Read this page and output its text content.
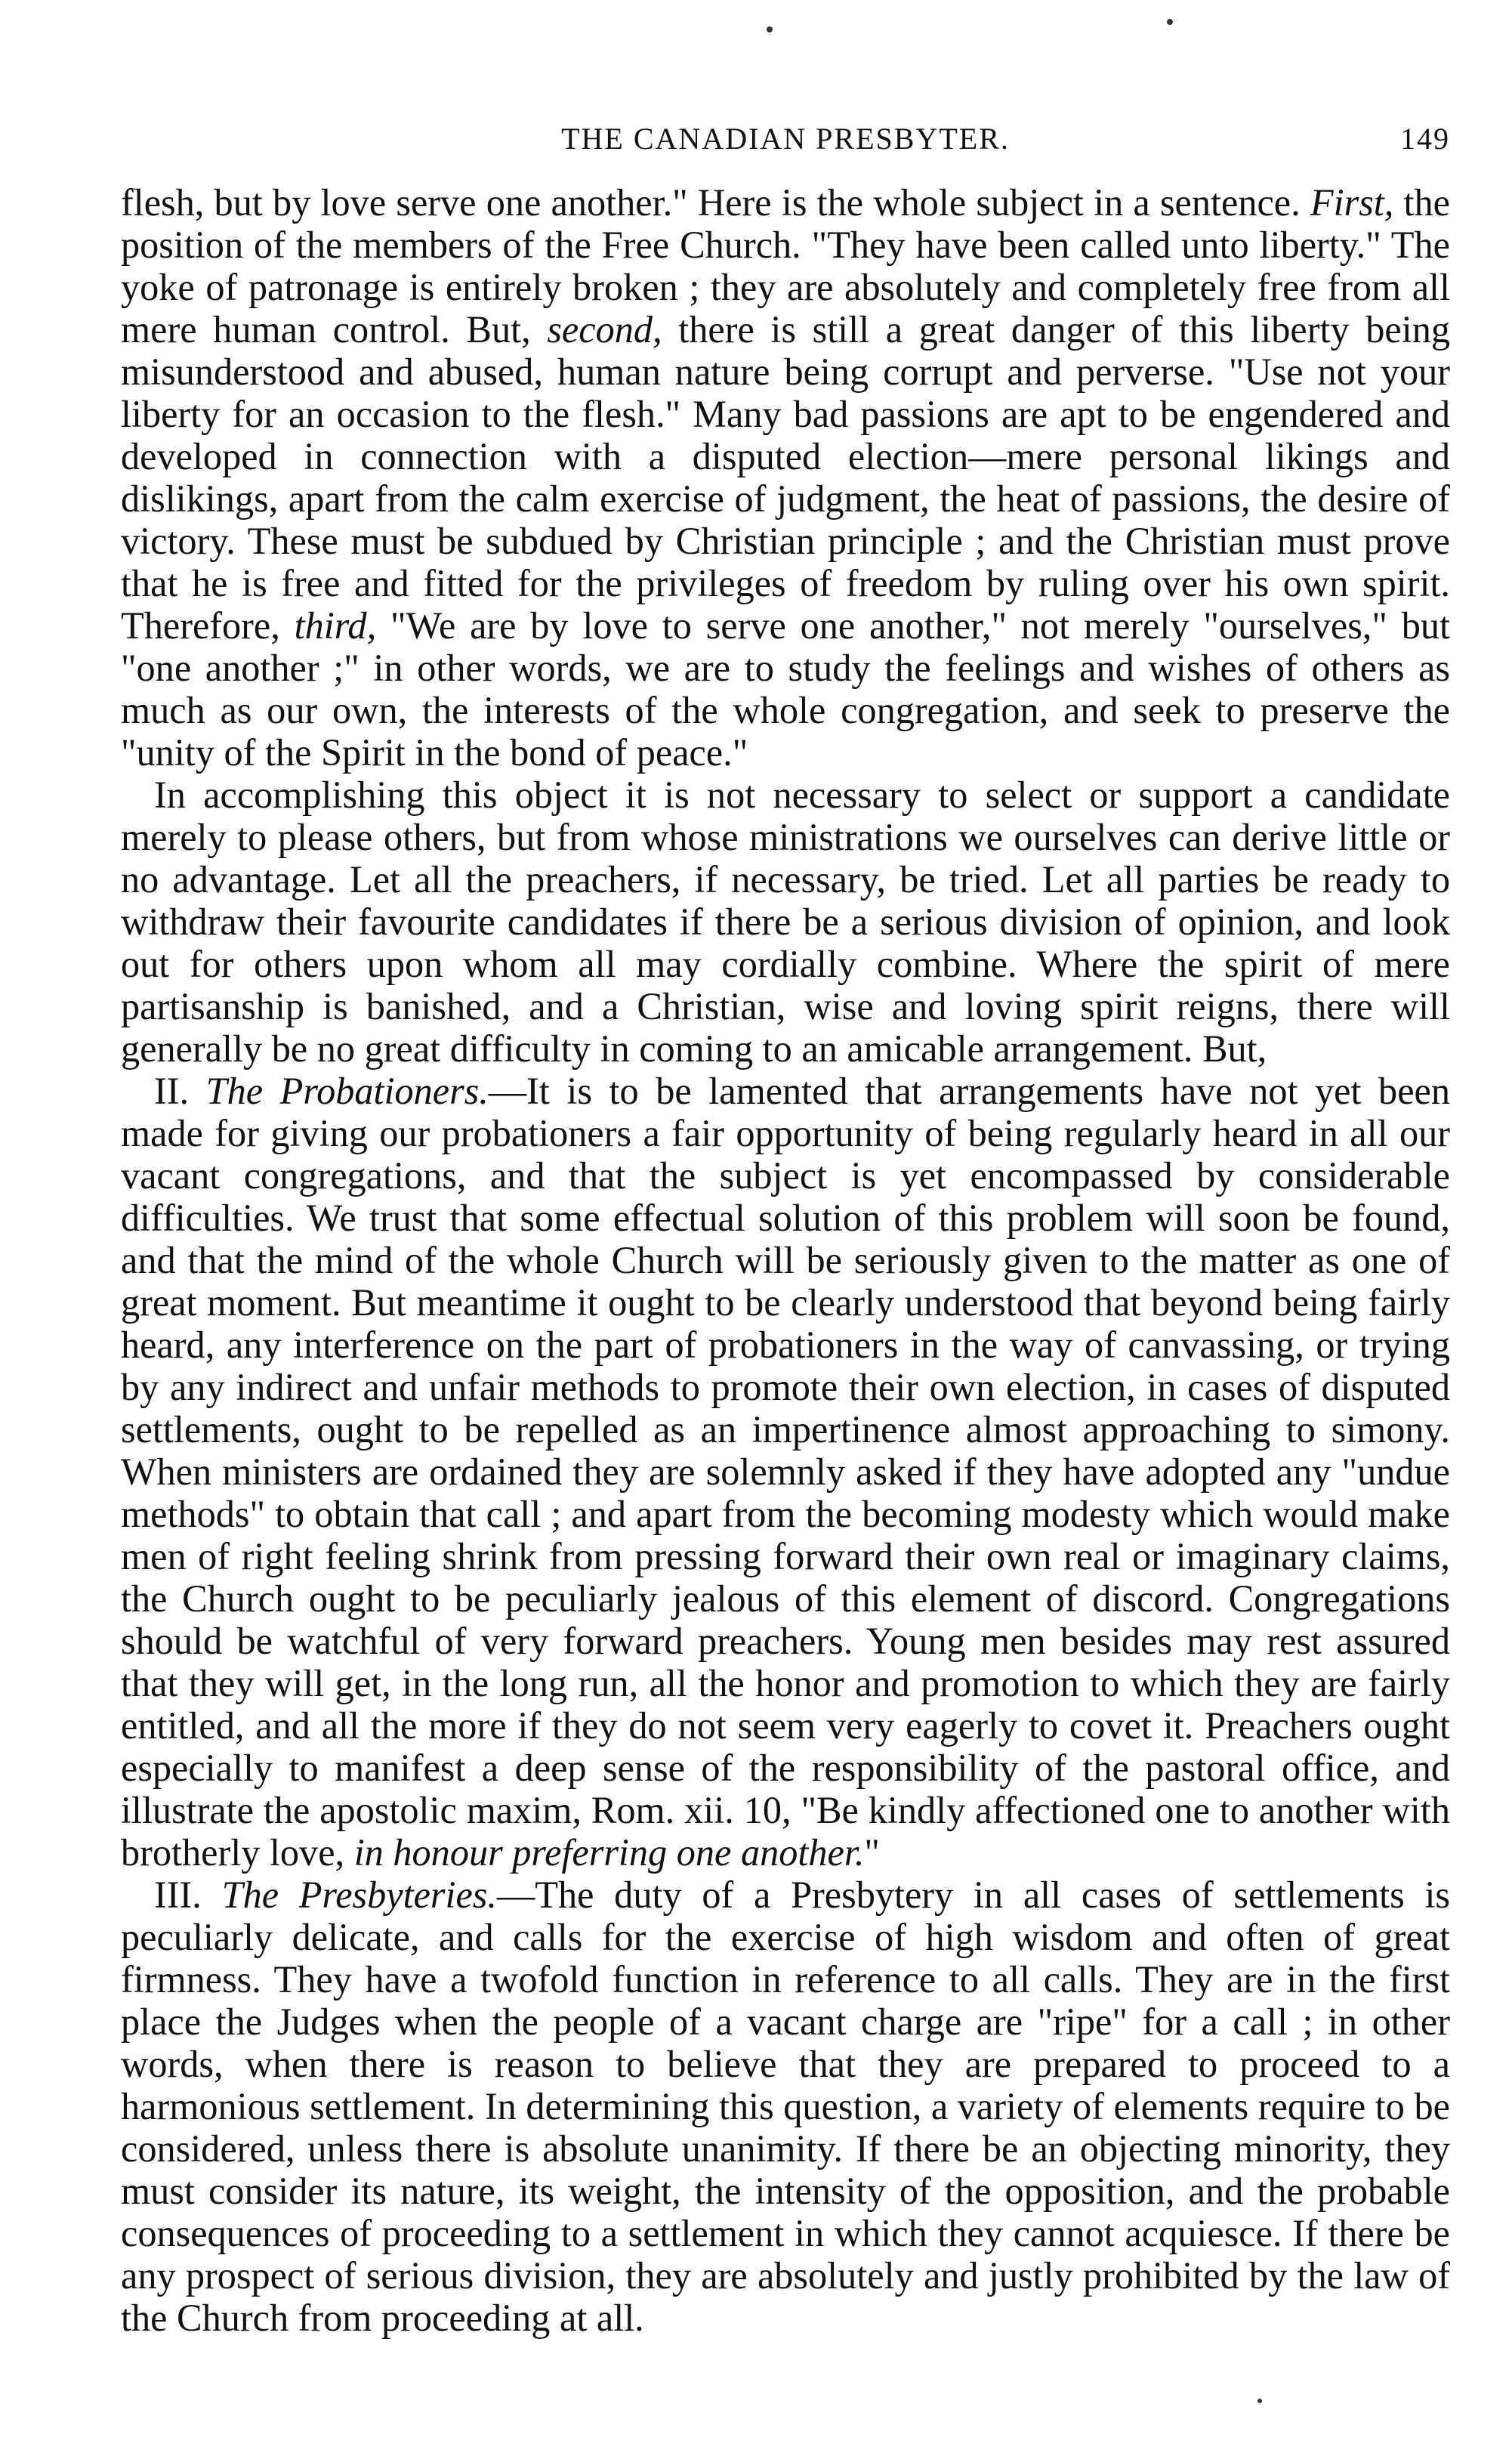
THE CANADIAN PRESBYTER.	149

flesh, but by love serve one another." Here is the whole subject in a sentence. First, the position of the members of the Free Church. "They have been called unto liberty." The yoke of patronage is entirely broken ; they are absolutely and completely free from all mere human control. But, second, there is still a great danger of this liberty being misunderstood and abused, human nature being corrupt and perverse. "Use not your liberty for an occasion to the flesh." Many bad passions are apt to be engendered and developed in connection with a disputed election—mere personal likings and dislikings, apart from the calm exercise of judgment, the heat of passions, the desire of victory. These must be subdued by Christian principle ; and the Christian must prove that he is free and fitted for the privileges of freedom by ruling over his own spirit. Therefore, third, "We are by love to serve one another," not merely "ourselves," but "one another ;" in other words, we are to study the feelings and wishes of others as much as our own, the interests of the whole congregation, and seek to preserve the "unity of the Spirit in the bond of peace."

In accomplishing this object it is not necessary to select or support a candidate merely to please others, but from whose ministrations we ourselves can derive little or no advantage. Let all the preachers, if necessary, be tried. Let all parties be ready to withdraw their favourite candidates if there be a serious division of opinion, and look out for others upon whom all may cordially combine. Where the spirit of mere partisanship is banished, and a Christian, wise and loving spirit reigns, there will generally be no great difficulty in coming to an amicable arrangement. But,

II. The Probationers.—It is to be lamented that arrangements have not yet been made for giving our probationers a fair opportunity of being regularly heard in all our vacant congregations, and that the subject is yet encompassed by considerable difficulties. We trust that some effectual solution of this problem will soon be found, and that the mind of the whole Church will be seriously given to the matter as one of great moment. But meantime it ought to be clearly understood that beyond being fairly heard, any interference on the part of probationers in the way of canvassing, or trying by any indirect and unfair methods to promote their own election, in cases of disputed settlements, ought to be repelled as an impertinence almost approaching to simony. When ministers are ordained they are solemnly asked if they have adopted any "undue methods" to obtain that call ; and apart from the becoming modesty which would make men of right feeling shrink from pressing forward their own real or imaginary claims, the Church ought to be peculiarly jealous of this element of discord. Congregations should be watchful of very forward preachers. Young men besides may rest assured that they will get, in the long run, all the honor and promotion to which they are fairly entitled, and all the more if they do not seem very eagerly to covet it. Preachers ought especially to manifest a deep sense of the responsibility of the pastoral office, and illustrate the apostolic maxim, Rom. xii. 10, "Be kindly affectioned one to another with brotherly love, in honour preferring one another."

III. The Presbyteries.—The duty of a Presbytery in all cases of settlements is peculiarly delicate, and calls for the exercise of high wisdom and often of great firmness. They have a twofold function in reference to all calls. They are in the first place the Judges when the people of a vacant charge are "ripe" for a call ; in other words, when there is reason to believe that they are prepared to proceed to a harmonious settlement. In determining this question, a variety of elements require to be considered, unless there is absolute unanimity. If there be an objecting minority, they must consider its nature, its weight, the intensity of the opposition, and the probable consequences of proceeding to a settlement in which they cannot acquiesce. If there be any prospect of serious division, they are absolutely and justly prohibited by the law of the Church from proceeding at all.
